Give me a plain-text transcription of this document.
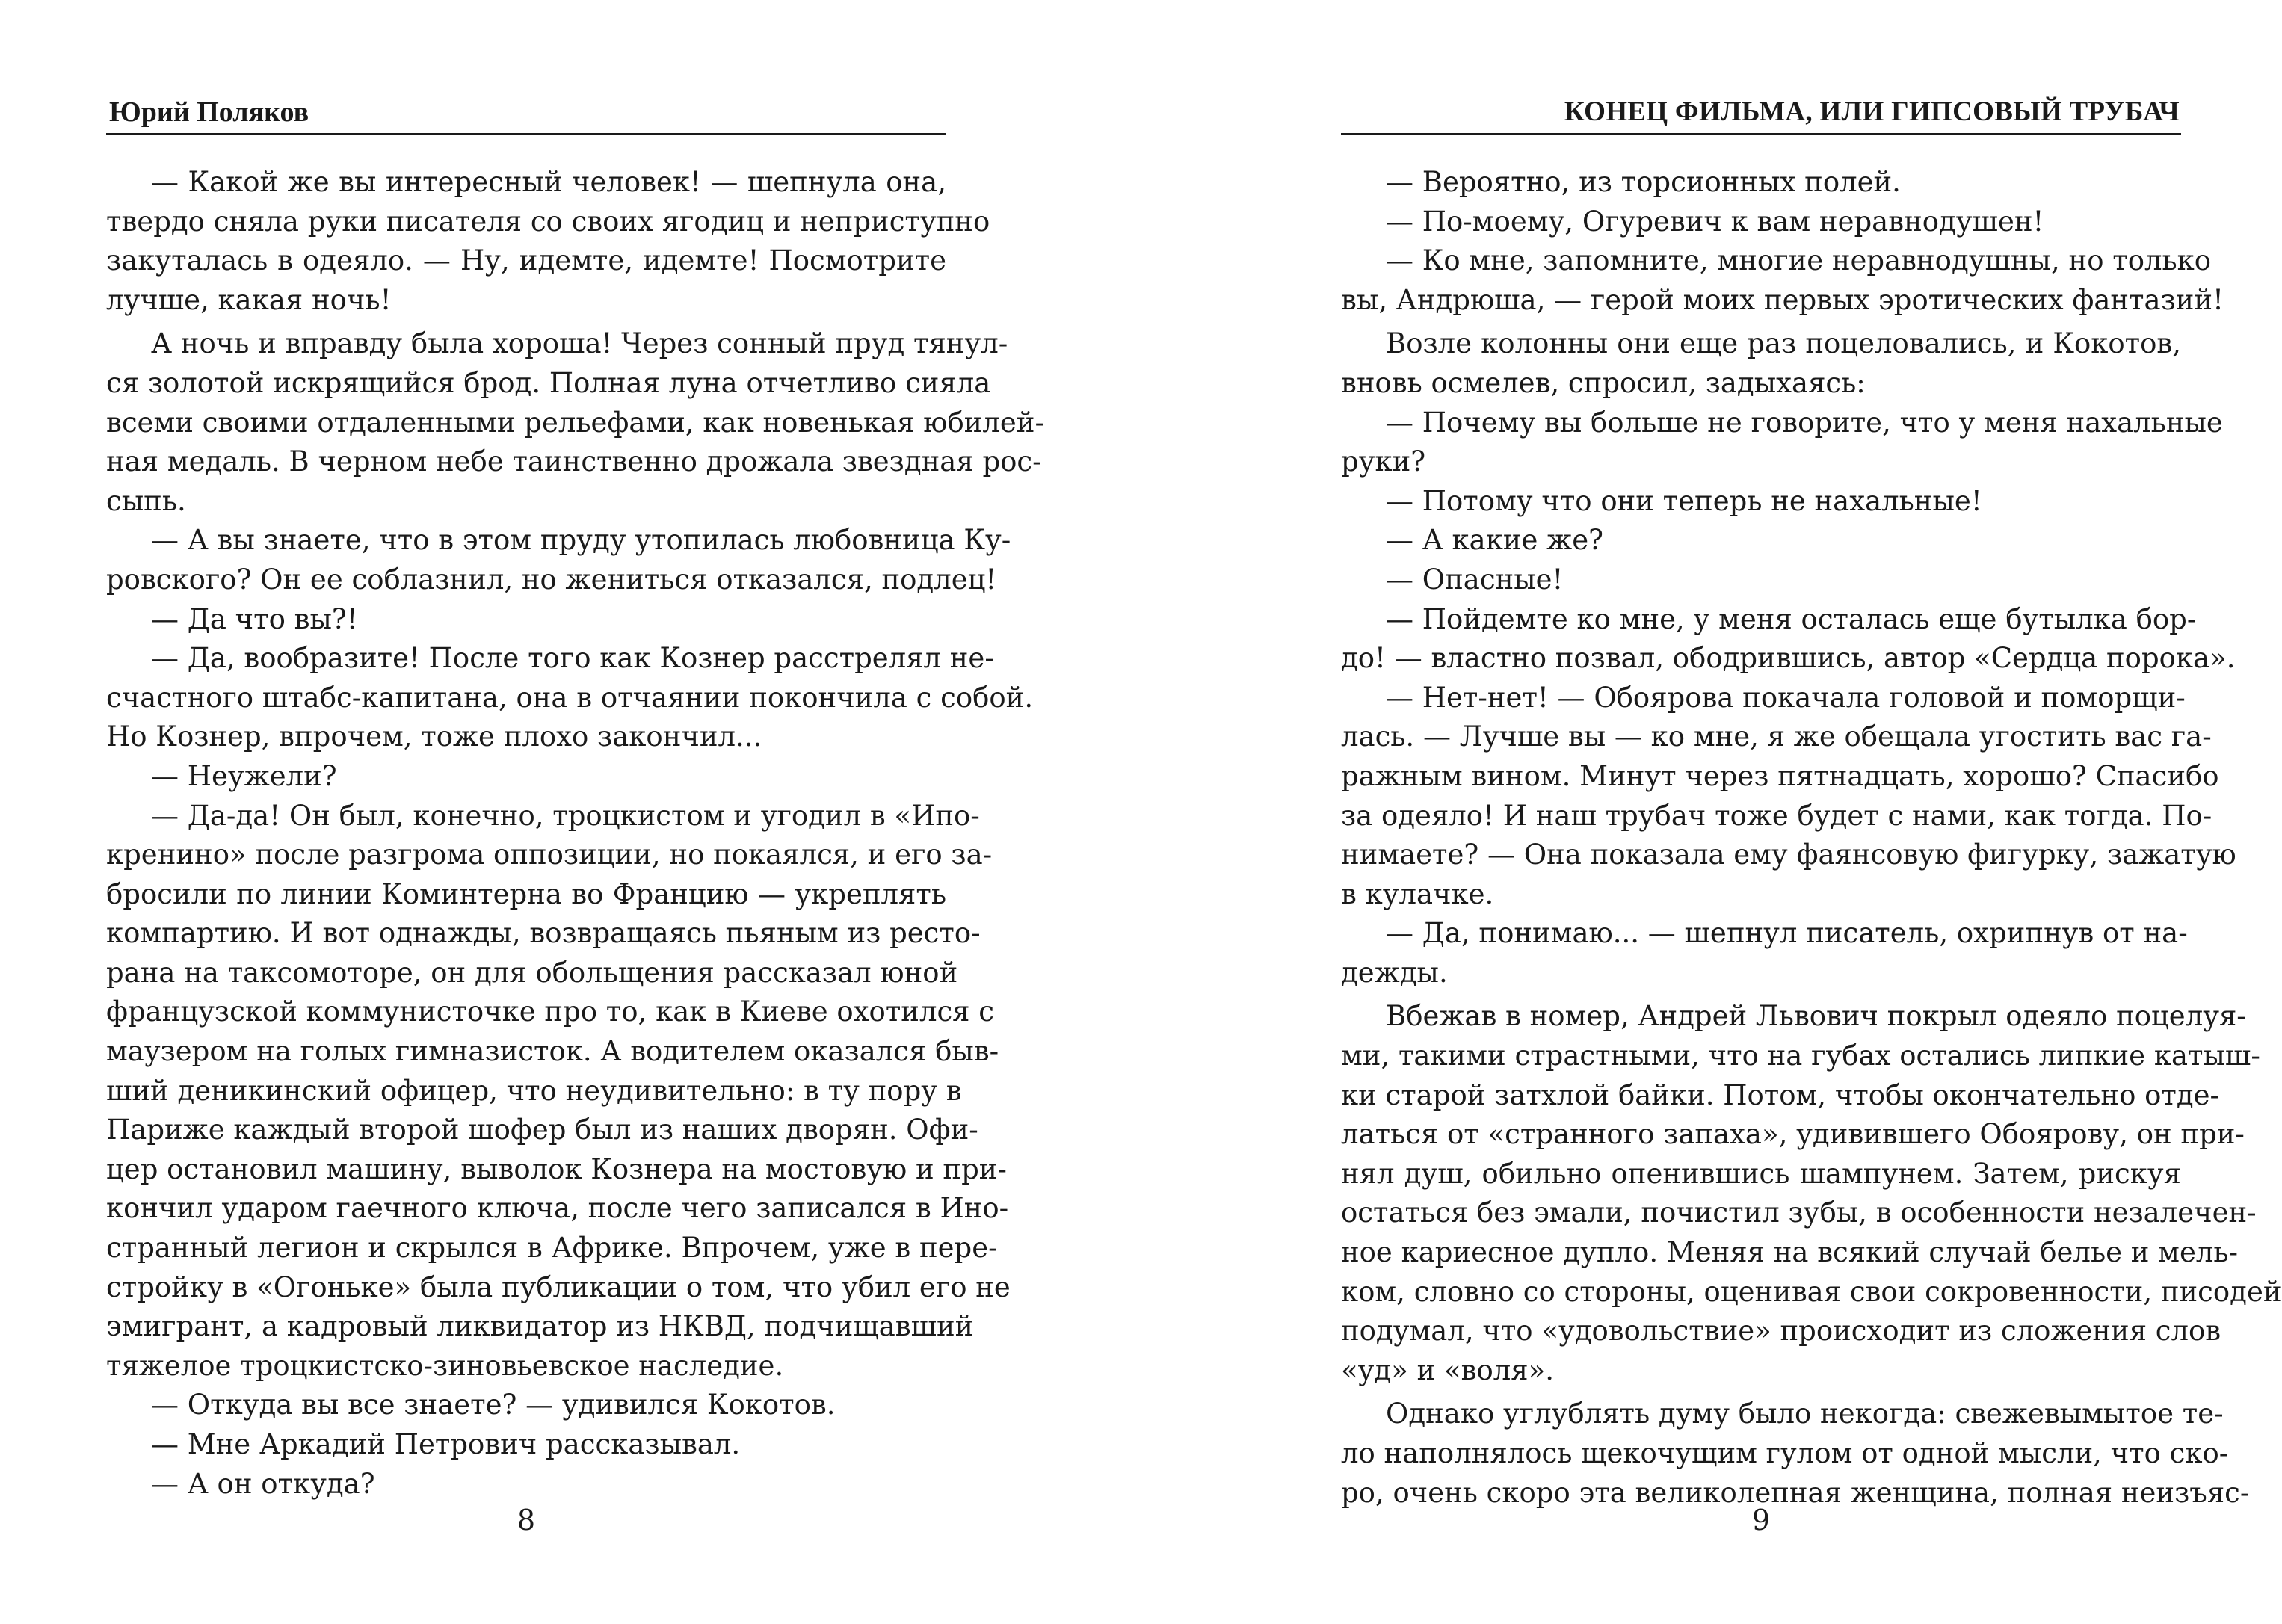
Юрий Поляков
— Какой же вы интересный человек! — шепнула она,
твердо сняла руки писателя со своих ягодиц и неприступно
закуталась в одеяло. — Ну, идемте, идемте! Посмотрите
лучше, какая ночь!
А ночь и вправду была хороша! Через сонный пруд тянул-
ся золотой искрящийся брод. Полная луна отчетливо сияла
всеми своими отдаленными рельефами, как новенькая юбилей-
ная медаль. В черном небе таинственно дрожала звездная рос-
сыпь.
— А вы знаете, что в этом пруду утопилась любовница Ку-
ровского? Он ее соблазнил, но жениться отказался, подлец!
— Да что вы?!
— Да, вообразите! После того как Кознер расстрелял не-
счастного штабс-капитана, она в отчаянии покончила с собой.
Но Кознер, впрочем, тоже плохо закончил...
— Неужели?
— Да-да! Он был, конечно, троцкистом и угодил в «Ипо-
кренино» после разгрома оппозиции, но покаялся, и его за-
бросили по линии Коминтерна во Францию — укреплять
компартию. И вот однажды, возвращаясь пьяным из ресто-
рана на таксомоторе, он для обольщения рассказал юной
французской коммунисточке про то, как в Киеве охотился с
маузером на голых гимназисток. А водителем оказался быв-
ший деникинский офицер, что неудивительно: в ту пору в
Париже каждый второй шофер был из наших дворян. Офи-
цер остановил машину, выволок Кознера на мостовую и при-
кончил ударом гаечного ключа, после чего записался в Ино-
странный легион и скрылся в Африке. Впрочем, уже в пере-
стройку в «Огоньке» была публикации о том, что убил его не
эмигрант, а кадровый ликвидатор из НКВД, подчищавший
тяжелое троцкистско-зиновьевское наследие.
— Откуда вы все знаете? — удивился Кокотов.
— Мне Аркадий Петрович рассказывал.
— А он откуда?
8
КОНЕЦ ФИЛЬМА, ИЛИ ГИПСОВЫЙ ТРУБАЧ
— Вероятно, из торсионных полей.
— По-моему, Огуревич к вам неравнодушен!
— Ко мне, запомните, многие неравнодушны, но только
вы, Андрюша, — герой моих первых эротических фантазий!
Возле колонны они еще раз поцеловались, и Кокотов,
вновь осмелев, спросил, задыхаясь:
— Почему вы больше не говорите, что у меня нахальные
руки?
— Потому что они теперь не нахальные!
— А какие же?
— Опасные!
— Пойдемте ко мне, у меня осталась еще бутылка бор-
до! — властно позвал, ободрившись, автор «Сердца порока».
— Нет-нет! — Обоярова покачала головой и поморщи-
лась. — Лучше вы — ко мне, я же обещала угостить вас га-
ражным вином. Минут через пятнадцать, хорошо? Спасибо
за одеяло! И наш трубач тоже будет с нами, как тогда. По-
нимаете? — Она показала ему фаянсовую фигурку, зажатую
в кулачке.
— Да, понимаю... — шепнул писатель, охрипнув от на-
дежды.
Вбежав в номер, Андрей Львович покрыл одеяло поцелуя-
ми, такими страстными, что на губах остались липкие катыш-
ки старой затхлой байки. Потом, чтобы окончательно отде-
латься от «странного запаха», удивившего Обоярову, он при-
нял душ, обильно опенившись шампунем. Затем, рискуя
остаться без эмали, почистил зубы, в особенности незалечен-
ное кариесное дупло. Меняя на всякий случай белье и мель-
ком, словно со стороны, оценивая свои сокровенности, писодей
подумал, что «удовольствие» происходит из сложения слов
«уд» и «воля».
Однако углублять думу было некогда: свежевымытое те-
ло наполнялось щекочущим гулом от одной мысли, что ско-
ро, очень скоро эта великолепная женщина, полная неизъяс-
9
